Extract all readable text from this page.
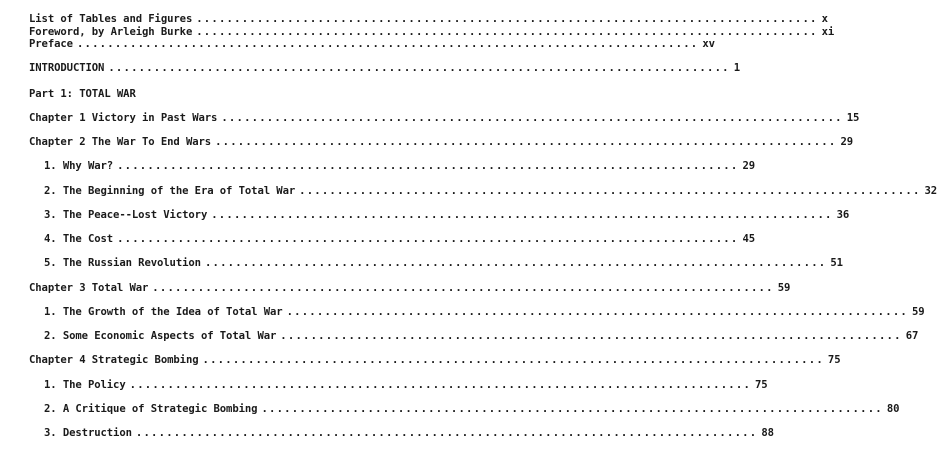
List of Tables and Figures .................................................................................. x
Foreword, by Arleigh Burke .................................................................................. xi
Preface .................................................................................. xv
INTRODUCTION .................................................................................. 1
Part 1: TOTAL WAR
Chapter 1 Victory in Past Wars .................................................................................. 15
Chapter 2 The War To End Wars .................................................................................. 29
1. Why War? .................................................................................. 29
2. The Beginning of the Era of Total War .................................................................................. 32
3. The Peace--Lost Victory .................................................................................. 36
4. The Cost .................................................................................. 45
5. The Russian Revolution .................................................................................. 51
Chapter 3 Total War .................................................................................. 59
1. The Growth of the Idea of Total War .................................................................................. 59
2. Some Economic Aspects of Total War .................................................................................. 67
Chapter 4 Strategic Bombing .................................................................................. 75
1. The Policy .................................................................................. 75
2. A Critique of Strategic Bombing .................................................................................. 80
3. Destruction .................................................................................. 88
